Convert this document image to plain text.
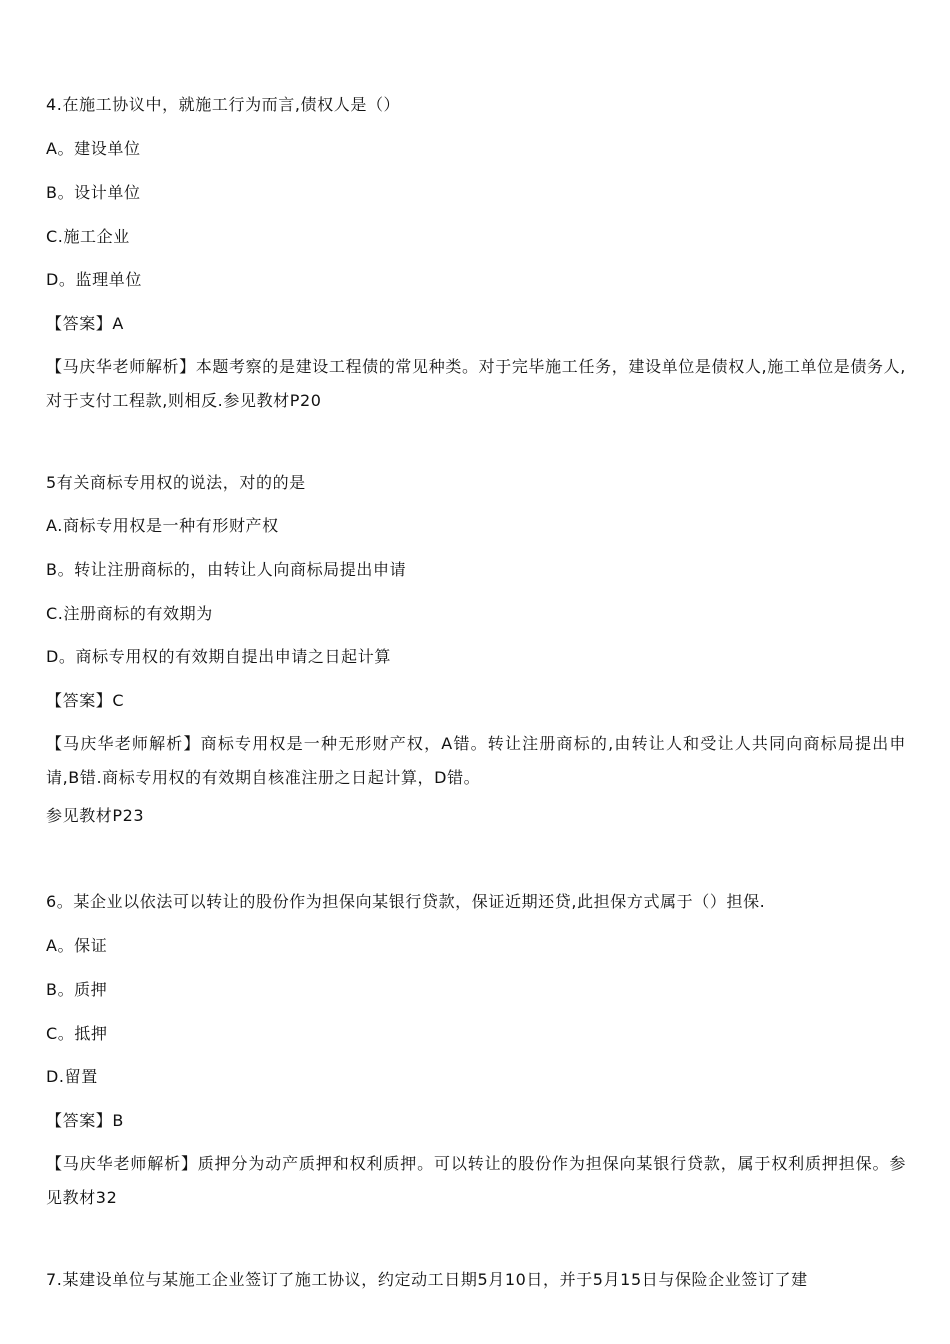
4.在施工协议中，就施工行为而言,债权人是（）
A。建设单位
B。设计单位
C.施工企业
D。监理单位
【答案】A
【马庆华老师解析】本题考察的是建设工程债的常见种类。对于完毕施工任务，建设单位是债权人,施工单位是债务人,对于支付工程款,则相反.参见教材P20
5有关商标专用权的说法，对的的是
A.商标专用权是一种有形财产权
B。转让注册商标的，由转让人向商标局提出申请
C.注册商标的有效期为
D。商标专用权的有效期自提出申请之日起计算
【答案】C
【马庆华老师解析】商标专用权是一种无形财产权，A错。转让注册商标的,由转让人和受让人共同向商标局提出申请,B错.商标专用权的有效期自核准注册之日起计算，D错。
参见教材P23
6。某企业以依法可以转让的股份作为担保向某银行贷款，保证近期还贷,此担保方式属于（）担保.
A。保证
B。质押
C。抵押
D.留置
【答案】B
【马庆华老师解析】质押分为动产质押和权利质押。可以转让的股份作为担保向某银行贷款，属于权利质押担保。参见教材32
7.某建设单位与某施工企业签订了施工协议，约定动工日期5月10日，并于5月15日与保险企业签订了建
